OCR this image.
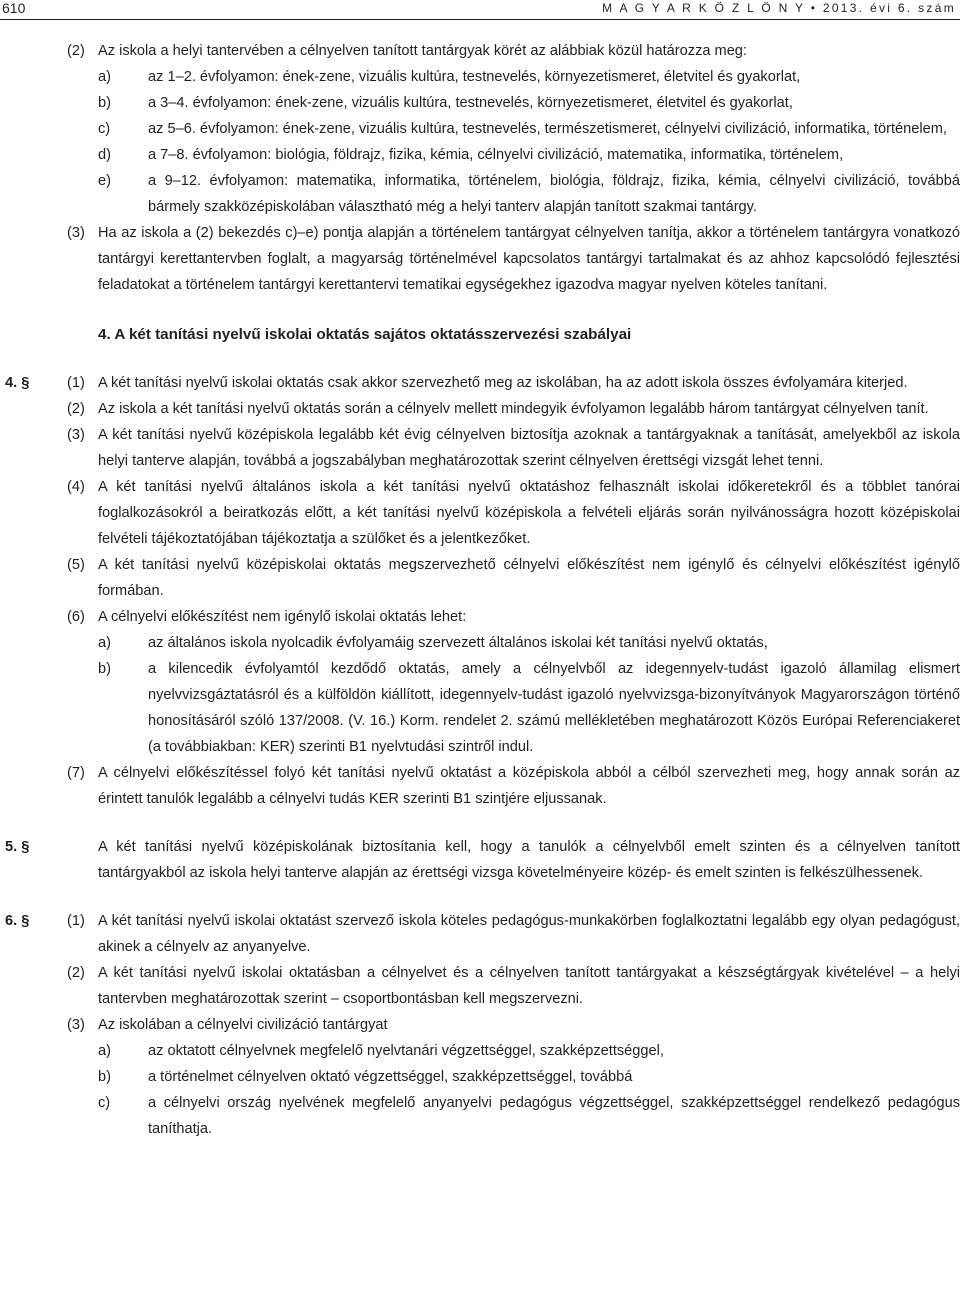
610	M A G Y A R K Ö Z L Ö N Y • 2013. évi 6. szám
(2) Az iskola a helyi tantervében a célnyelven tanított tantárgyak körét az alábbiak közül határozza meg:
a)	az 1–2. évfolyamon: ének-zene, vizuális kultúra, testnevelés, környezetismeret, életvitel és gyakorlat,
b)	a 3–4. évfolyamon: ének-zene, vizuális kultúra, testnevelés, környezetismeret, életvitel és gyakorlat,
c)	az 5–6. évfolyamon: ének-zene, vizuális kultúra, testnevelés, természetismeret, célnyelvi civilizáció, informatika, történelem,
d)	a 7–8. évfolyamon: biológia, földrajz, fizika, kémia, célnyelvi civilizáció, matematika, informatika, történelem,
e)	a 9–12. évfolyamon: matematika, informatika, történelem, biológia, földrajz, fizika, kémia, célnyelvi civilizáció, továbbá bármely szakközépiskolában választható még a helyi tanterv alapján tanított szakmai tantárgy.
(3) Ha az iskola a (2) bekezdés c)–e) pontja alapján a történelem tantárgyat célnyelven tanítja, akkor a történelem tantárgyra vonatkozó tantárgyi kerettantervben foglalt, a magyarság történelmével kapcsolatos tantárgyi tartalmakat és az ahhoz kapcsolódó fejlesztési feladatokat a történelem tantárgyi kerettantervi tematikai egységekhez igazodva magyar nyelven köteles tanítani.
4. A két tanítási nyelvű iskolai oktatás sajátos oktatásszervezési szabályai
4. §	(1) A két tanítási nyelvű iskolai oktatás csak akkor szervezhető meg az iskolában, ha az adott iskola összes évfolyamára kiterjed.
(2) Az iskola a két tanítási nyelvű oktatás során a célnyelv mellett mindegyik évfolyamon legalább három tantárgyat célnyelven tanít.
(3) A két tanítási nyelvű középiskola legalább két évig célnyelven biztosítja azoknak a tantárgyaknak a tanítását, amelyekből az iskola helyi tanterve alapján, továbbá a jogszabályban meghatározottak szerint célnyelven érettségi vizsgát lehet tenni.
(4) A két tanítási nyelvű általános iskola a két tanítási nyelvű oktatáshoz felhasznált iskolai időkeretekről és a többlet tanórai foglalkozásokról a beiratkozás előtt, a két tanítási nyelvű középiskola a felvételi eljárás során nyilvánosságra hozott középiskolai felvételi tájékoztatójában tájékoztatja a szülőket és a jelentkezőket.
(5) A két tanítási nyelvű középiskolai oktatás megszervezhető célnyelvi előkészítést nem igénylő és célnyelvi előkészítést igénylő formában.
(6) A célnyelvi előkészítést nem igénylő iskolai oktatás lehet:
a)	az általános iskola nyolcadik évfolyamáig szervezett általános iskolai két tanítási nyelvű oktatás,
b)	a kilencedik évfolyamtól kezdődő oktatás, amely a célnyelvből az idegennyelv-tudást igazoló államilag elismert nyelvvizsgáztatásról és a külföldön kiállított, idegennyelv-tudást igazoló nyelvvizsga-bizonyítványok Magyarországon történő honosításáról szóló 137/2008. (V. 16.) Korm. rendelet 2. számú mellékletében meghatározott Közös Európai Referenciakeret (a továbbiakban: KER) szerinti B1 nyelvtudási szintről indul.
(7) A célnyelvi előkészítéssel folyó két tanítási nyelvű oktatást a középiskola abból a célból szervezheti meg, hogy annak során az érintett tanulók legalább a célnyelvi tudás KER szerinti B1 szintjére eljussanak.
5. §	A két tanítási nyelvű középiskolának biztosítania kell, hogy a tanulók a célnyelvből emelt szinten és a célnyelven tanított tantárgyakból az iskola helyi tanterve alapján az érettségi vizsga követelményeire közép- és emelt szinten is felkészülhessenek.
6. §	(1) A két tanítási nyelvű iskolai oktatást szervező iskola köteles pedagógus-munkakörben foglalkoztatni legalább egy olyan pedagógust, akinek a célnyelv az anyanyelve.
(2) A két tanítási nyelvű iskolai oktatásban a célnyelvet és a célnyelven tanított tantárgyakat a készségtárgyak kivételével – a helyi tantervben meghatározottak szerint – csoportbontásban kell megszervezni.
(3) Az iskolában a célnyelvi civilizáció tantárgyat
a)	az oktatott célnyelvnek megfelelő nyelvtanári végzettséggel, szakképzettséggel,
b)	a történelmet célnyelven oktató végzettséggel, szakképzettséggel, továbbá
c)	a célnyelvi ország nyelvének megfelelő anyanyelvi pedagógus végzettséggel, szakképzettséggel rendelkező pedagógus taníthatja.
